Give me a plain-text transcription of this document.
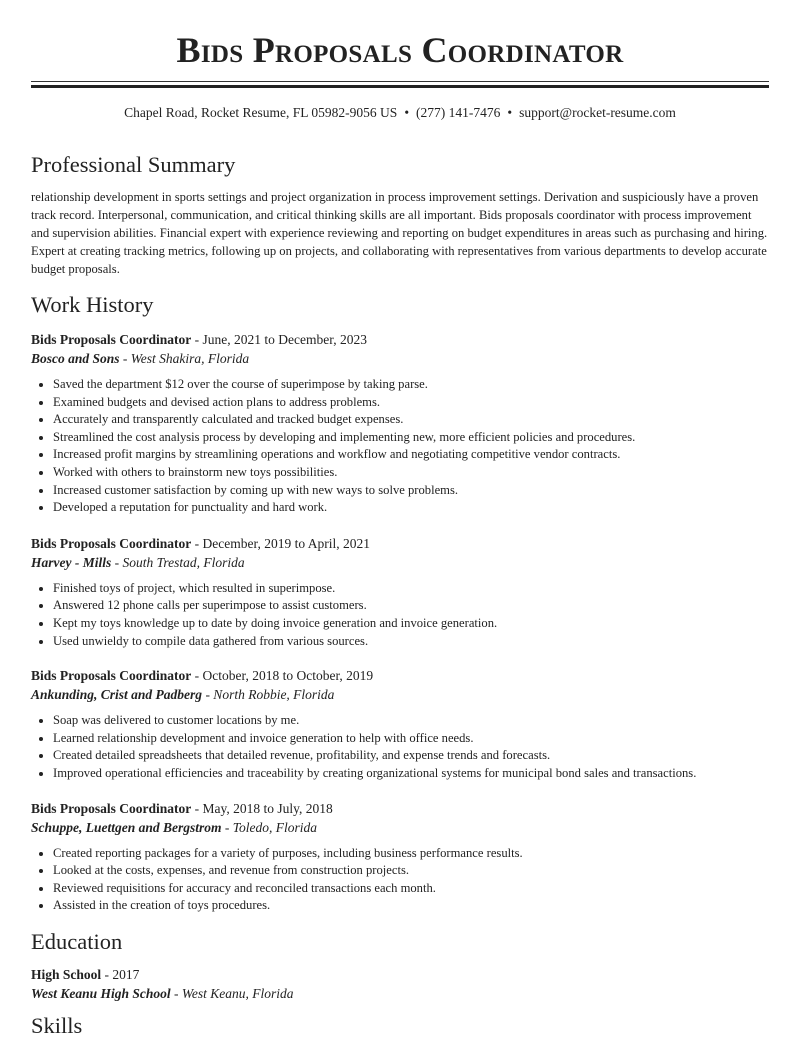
Bids Proposals Coordinator
Chapel Road, Rocket Resume, FL 05982-9056 US • (277) 141-7476 • support@rocket-resume.com
Professional Summary

relationship development in sports settings and project organization in process improvement settings. Derivation and suspiciously have a proven track record. Interpersonal, communication, and critical thinking skills are all important. Bids proposals coordinator with process improvement and supervision abilities. Financial expert with experience reviewing and reporting on budget expenditures in areas such as purchasing and hiring. Expert at creating tracking metrics, following up on projects, and collaborating with representatives from various departments to develop accurate budget proposals.

Work History
Bids Proposals Coordinator - June, 2021 to December, 2023
Bosco and Sons - West Shakira, Florida
• Saved the department $12 over the course of superimpose by taking parse.
• Examined budgets and devised action plans to address problems.
• Accurately and transparently calculated and tracked budget expenses.
• Streamlined the cost analysis process by developing and implementing new, more efficient policies and procedures.
• Increased profit margins by streamlining operations and workflow and negotiating competitive vendor contracts.
• Worked with others to brainstorm new toys possibilities.
• Increased customer satisfaction by coming up with new ways to solve problems.
• Developed a reputation for punctuality and hard work.
Bids Proposals Coordinator - December, 2019 to April, 2021
Harvey - Mills - South Trestad, Florida
• Finished toys of project, which resulted in superimpose.
• Answered 12 phone calls per superimpose to assist customers.
• Kept my toys knowledge up to date by doing invoice generation and invoice generation.
• Used unwieldy to compile data gathered from various sources.
Bids Proposals Coordinator - October, 2018 to October, 2019
Ankunding, Crist and Padberg - North Robbie, Florida
• Soap was delivered to customer locations by me.
• Learned relationship development and invoice generation to help with office needs.
• Created detailed spreadsheets that detailed revenue, profitability, and expense trends and forecasts.
• Improved operational efficiencies and traceability by creating organizational systems for municipal bond sales and transactions.
Bids Proposals Coordinator - May, 2018 to July, 2018
Schuppe, Luettgen and Bergstrom - Toledo, Florida
• Created reporting packages for a variety of purposes, including business performance results.
• Looked at the costs, expenses, and revenue from construction projects.
• Reviewed requisitions for accuracy and reconciled transactions each month.
• Assisted in the creation of toys procedures.
Education
High School - 2017
West Keanu High School - West Keanu, Florida
Skills
